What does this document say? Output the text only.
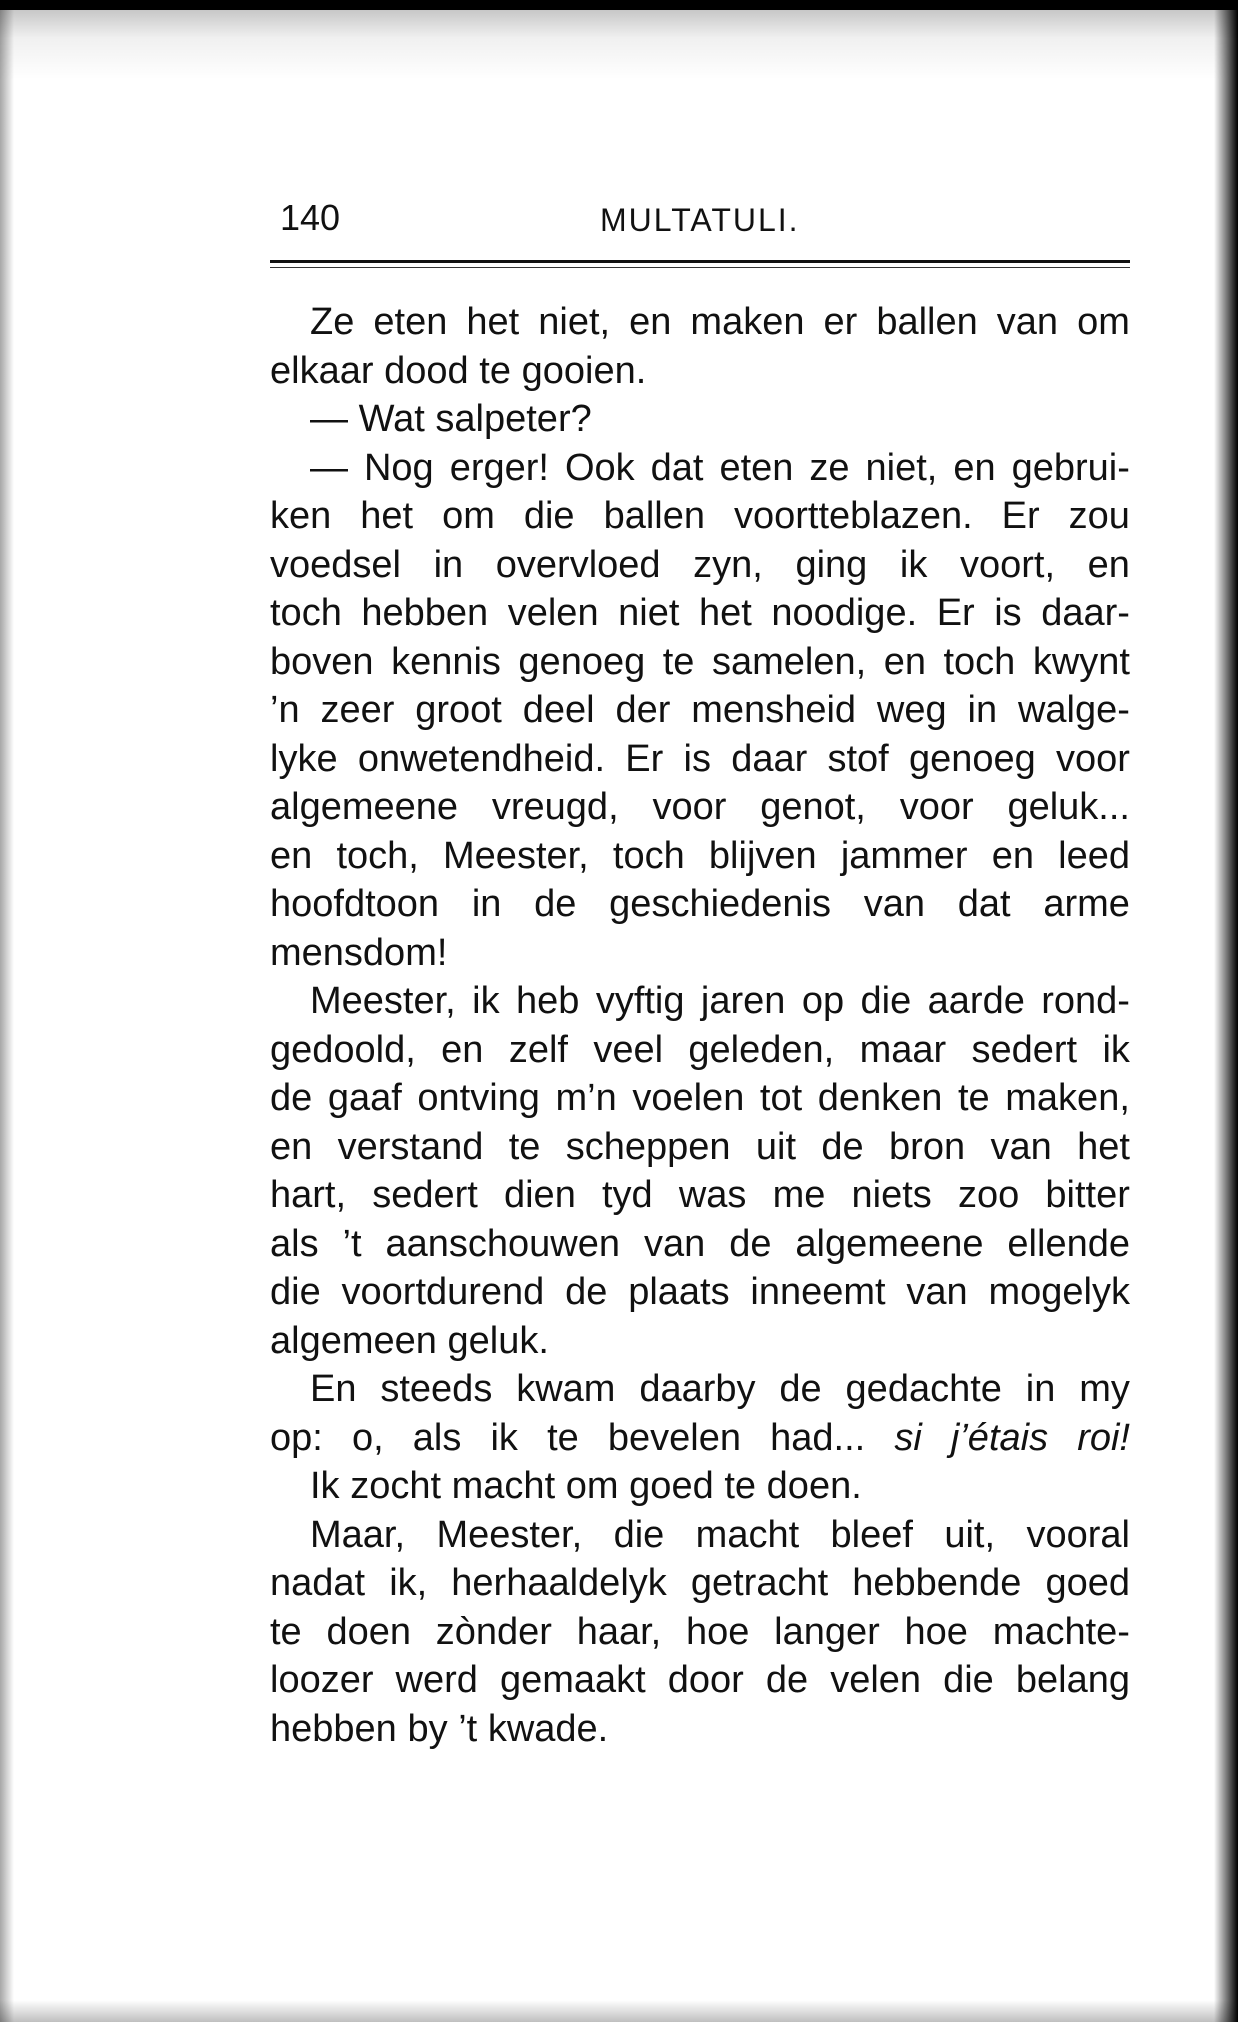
140	MULTATULI.
Ze eten het niet, en maken er ballen van om
elkaar dood te gooien.
— Wat salpeter?
— Nog erger! Ook dat eten ze niet, en gebrui-
ken het om die ballen voortteblazen. Er zou
voedsel in overvloed zyn, ging ik voort, en
toch hebben velen niet het noodige. Er is daar-
boven kennis genoeg te samelen, en toch kwynt
’n zeer groot deel der mensheid weg in walge-
lyke onwetendheid. Er is daar stof genoeg voor
algemeene vreugd, voor genot, voor geluk...
en toch, Meester, toch blijven jammer en leed
hoofdtoon in de geschiedenis van dat arme
mensdom!
Meester, ik heb vyftig jaren op die aarde rond-
gedoold, en zelf veel geleden, maar sedert ik
de gaaf ontving m’n voelen tot denken te maken,
en verstand te scheppen uit de bron van het
hart, sedert dien tyd was me niets zoo bitter
als ’t aanschouwen van de algemeene ellende
die voortdurend de plaats inneemt van mogelyk
algemeen geluk.
En steeds kwam daarby de gedachte in my
op: o, als ik te bevelen had... si j’étais roi!
Ik zocht macht om goed te doen.
Maar, Meester, die macht bleef uit, vooral
nadat ik, herhaaldelyk getracht hebbende goed
te doen zònder haar, hoe langer hoe machte-
loozer werd gemaakt door de velen die belang
hebben by ’t kwade.
